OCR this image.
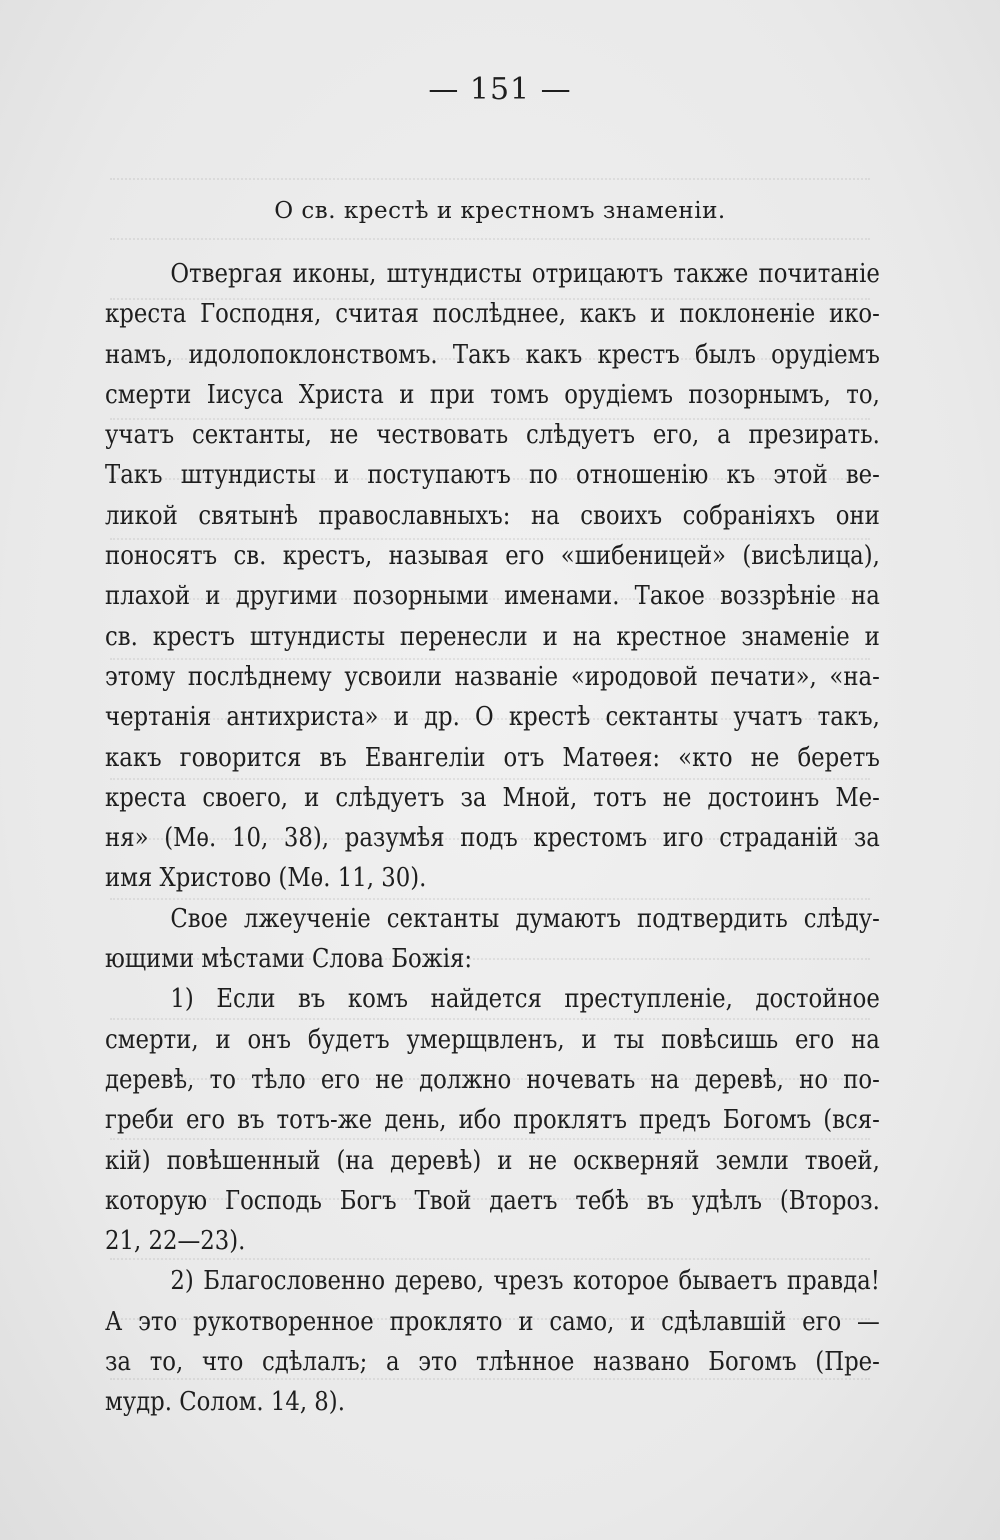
— 151 —
О св. крестѣ и крестномъ знаменіи.
Отвергая иконы, штундисты отрицаютъ также почитаніе
креста Господня, считая послѣднее, какъ и поклоненіе ико-
намъ, идолопоклонствомъ. Такъ какъ крестъ былъ орудіемъ
смерти Іисуса Христа и при томъ орудіемъ позорнымъ, то,
учатъ сектанты, не чествовать слѣдуетъ его, а презирать.
Такъ штундисты и поступаютъ по отношенію къ этой ве-
ликой святынѣ православныхъ: на своихъ собраніяхъ они
поносятъ св. крестъ, называя его «шибеницей» (висѣлица),
плахой и другими позорными именами. Такое воззрѣніе на
св. крестъ штундисты перенесли и на крестное знаменіе и
этому послѣднему усвоили названіе «иродовой печати», «на-
чертанія антихриста» и др. О крестѣ сектанты учатъ такъ,
какъ говорится въ Евангеліи отъ Матѳея: «кто не беретъ
креста своего, и слѣдуетъ за Мной, тотъ не достоинъ Ме-
ня» (Мѳ. 10, 38), разумѣя подъ крестомъ иго страданій за
имя Христово (Мѳ. 11, 30).
Свое лжеученіе сектанты думаютъ подтвердить слѣду-
ющими мѣстами Слова Божія:
1) Если въ комъ найдется преступленіе, достойное
смерти, и онъ будетъ умерщвленъ, и ты повѣсишь его на
деревѣ, то тѣло его не должно ночевать на деревѣ, но по-
греби его въ тотъ-же день, ибо проклятъ предъ Богомъ (вся-
кій) повѣшенный (на деревѣ) и не оскверняй земли твоей,
которую Господь Богъ Твой даетъ тебѣ въ удѣлъ (Второз.
21, 22—23).
2) Благословенно дерево, чрезъ которое бываетъ правда!
А это рукотворенное проклято и само, и сдѣлавшій его —
за то, что сдѣлалъ; а это тлѣнное названо Богомъ (Пре-
мудр. Солом. 14, 8).
